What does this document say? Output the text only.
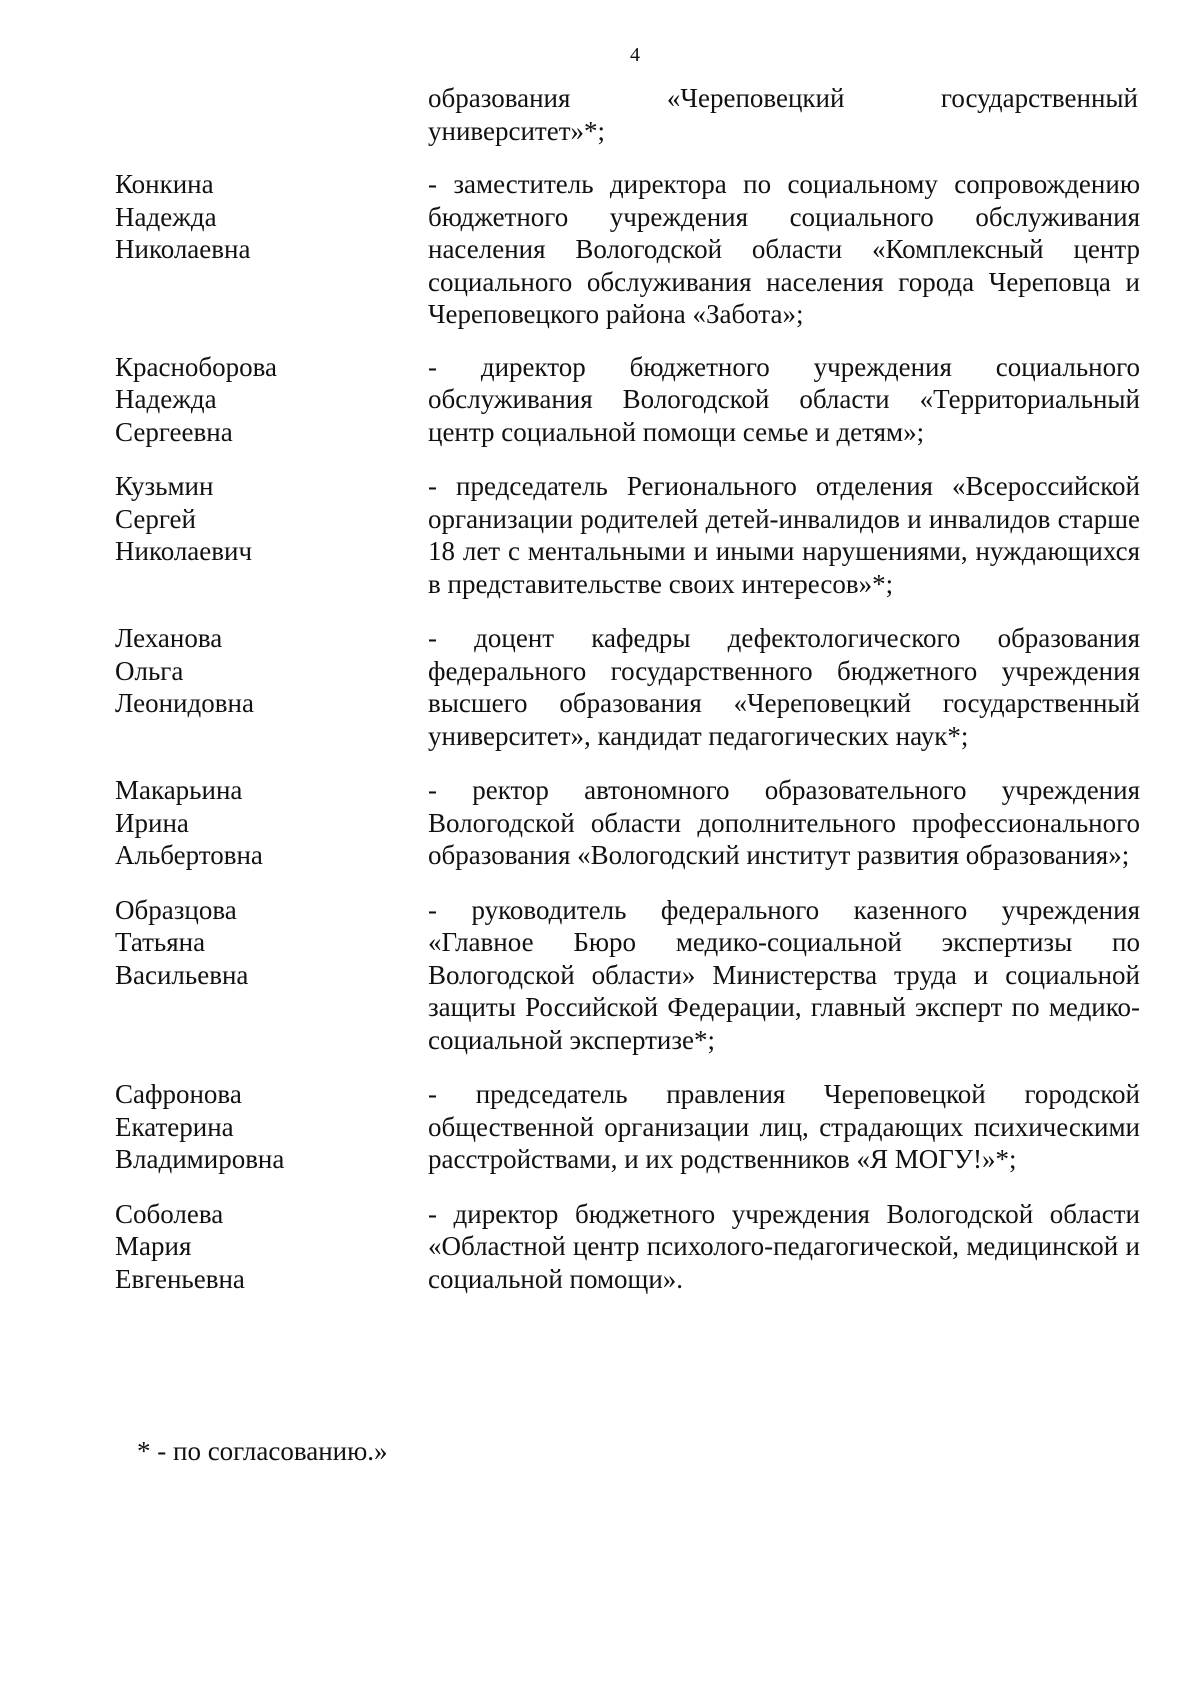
4
образования «Череповецкий государственный университет»*;
Конкина
Надежда
Николаевна
- заместитель директора по социальному сопровождению бюджетного учреждения социального обслуживания населения Вологодской области «Комплексный центр социального обслуживания населения города Череповца и Череповецкого района «Забота»;
Красноборова
Надежда
Сергеевна
- директор бюджетного учреждения социального обслуживания Вологодской области «Территориальный центр социальной помощи семье и детям»;
Кузьмин
Сергей
Николаевич
- председатель Регионального отделения «Всероссийской организации родителей детей-инвалидов и инвалидов старше 18 лет с ментальными и иными нарушениями, нуждающихся в представительстве своих интересов»*;
Леханова
Ольга
Леонидовна
- доцент кафедры дефектологического образования федерального государственного бюджетного учреждения высшего образования «Череповецкий государственный университет», кандидат педагогических наук*;
Макарьина
Ирина
Альбертовна
- ректор автономного образовательного учреждения Вологодской области дополнительного профессионального образования «Вологодский институт развития образования»;
Образцова
Татьяна
Васильевна
- руководитель федерального казенного учреждения «Главное Бюро медико-социальной экспертизы по Вологодской области» Министерства труда и социальной защиты Российской Федерации, главный эксперт по медико-социальной экспертизе*;
Сафронова
Екатерина
Владимировна
- председатель правления Череповецкой городской общественной организации лиц, страдающих психическими расстройствами, и их родственников «Я МОГУ!»*;
Соболева
Мария
Евгеньевна
- директор бюджетного учреждения Вологодской области «Областной центр психолого-педагогической, медицинской и социальной помощи».
* - по согласованию.»
